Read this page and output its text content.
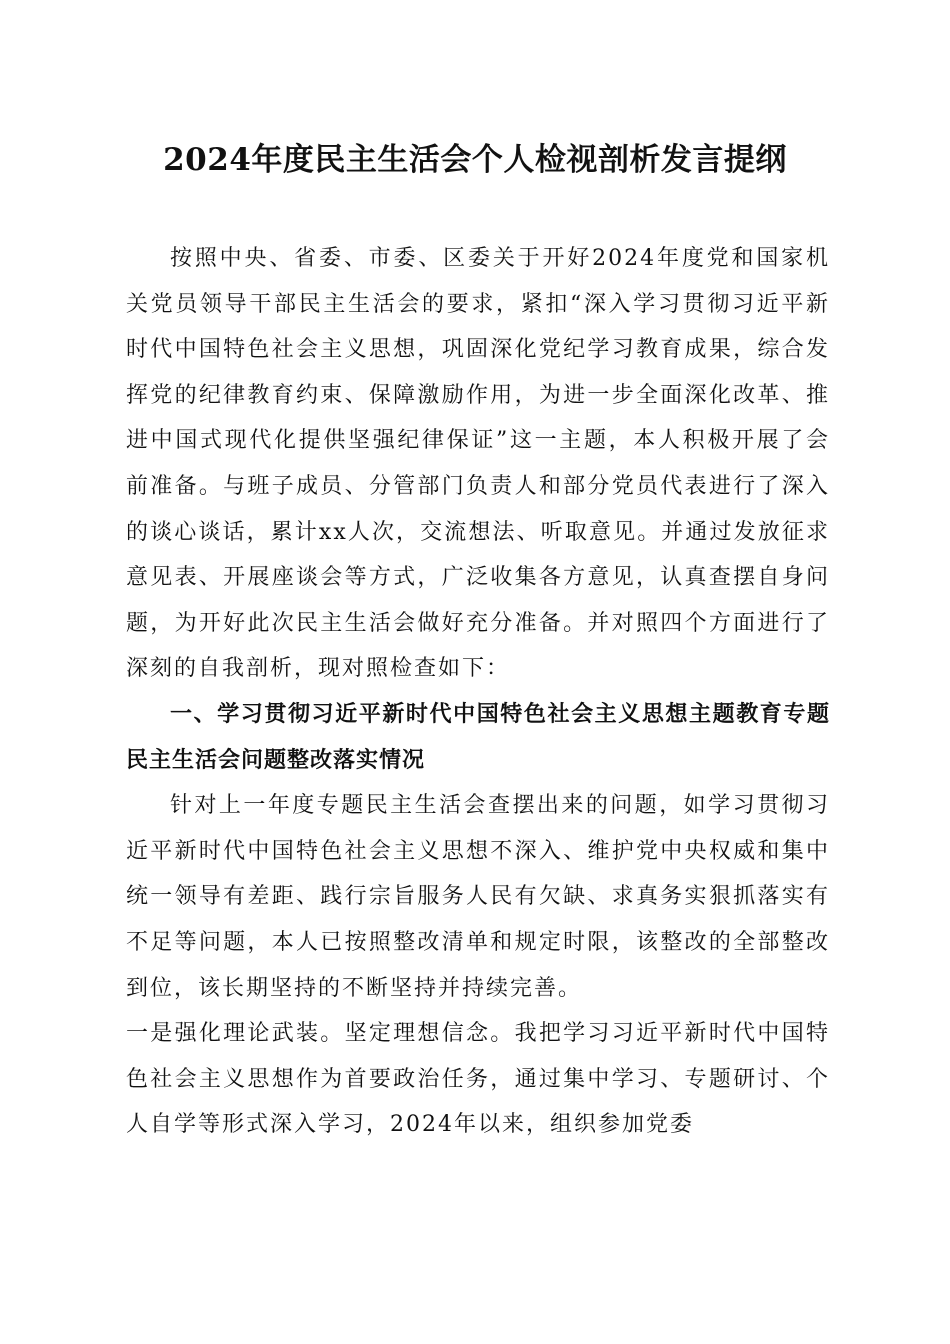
2024年度民主生活会个人检视剖析发言提纲

按照中央、省委、市委、区委关于开好2024年度党和国家机关党员领导干部民主生活会的要求，紧扣“深入学习贯彻习近平新时代中国特色社会主义思想，巩固深化党纪学习教育成果，综合发挥党的纪律教育约束、保障激励作用，为进一步全面深化改革、推进中国式现代化提供坚强纪律保证”这一主题，本人积极开展了会前准备。与班子成员、分管部门负责人和部分党员代表进行了深入的谈心谈话，累计xx人次，交流想法、听取意见。并通过发放征求意见表、开展座谈会等方式，广泛收集各方意见，认真查摆自身问题，为开好此次民主生活会做好充分准备。并对照四个方面进行了深刻的自我剖析，现对照检查如下：

一、学习贯彻习近平新时代中国特色社会主义思想主题教育专题民主生活会问题整改落实情况

针对上一年度专题民主生活会查摆出来的问题，如学习贯彻习近平新时代中国特色社会主义思想不深入、维护党中央权威和集中统一领导有差距、践行宗旨服务人民有欠缺、求真务实狠抓落实有不足等问题，本人已按照整改清单和规定时限，该整改的全部整改到位，该长期坚持的不断坚持并持续完善。

一是强化理论武装。坚定理想信念。我把学习习近平新时代中国特色社会主义思想作为首要政治任务，通过集中学习、专题研讨、个人自学等形式深入学习，2024年以来，组织参加党委
